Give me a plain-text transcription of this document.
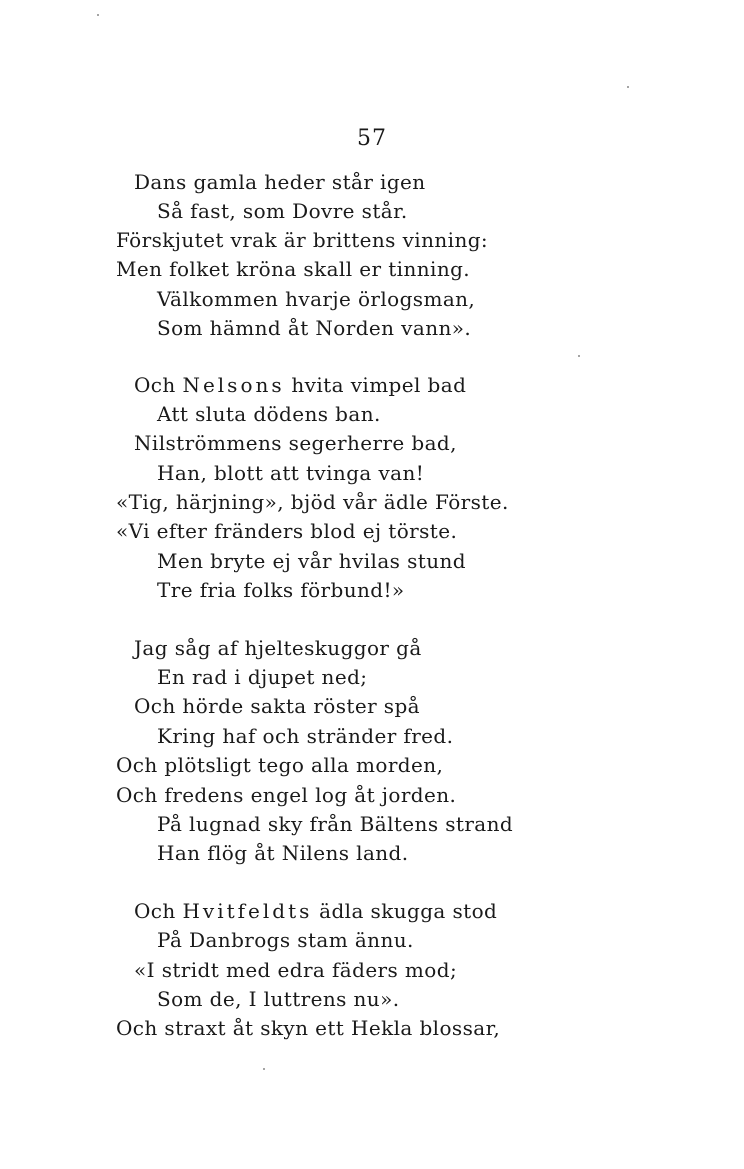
57
Dans gamla heder står igen
Så fast, som Dovre står.
Förskjutet vrak är brittens vinning:
Men folket kröna skall er tinning.
Välkommen hvarje örlogsman,
Som hämnd åt Norden vann».
Och Nelsons hvita vimpel bad
Att sluta dödens ban.
Nilströmmens segerherre bad,
Han, blott att tvinga van!
«Tig, härjning», bjöd vår ädle Förste.
«Vi efter fränders blod ej törste.
Men bryte ej vår hvilas stund
Tre fria folks förbund!»
Jag såg af hjelteskuggor gå
En rad i djupet ned;
Och hörde sakta röster spå
Kring haf och stränder fred.
Och plötsligt tego alla morden,
Och fredens engel log åt jorden.
På lugnad sky från Bältens strand
Han flög åt Nilens land.
Och Hvitfeldts ädla skugga stod
På Danbrogs stam ännu.
«I stridt med edra fäders mod;
Som de, I luttrens nu».
Och straxt åt skyn ett Hekla blossar,
